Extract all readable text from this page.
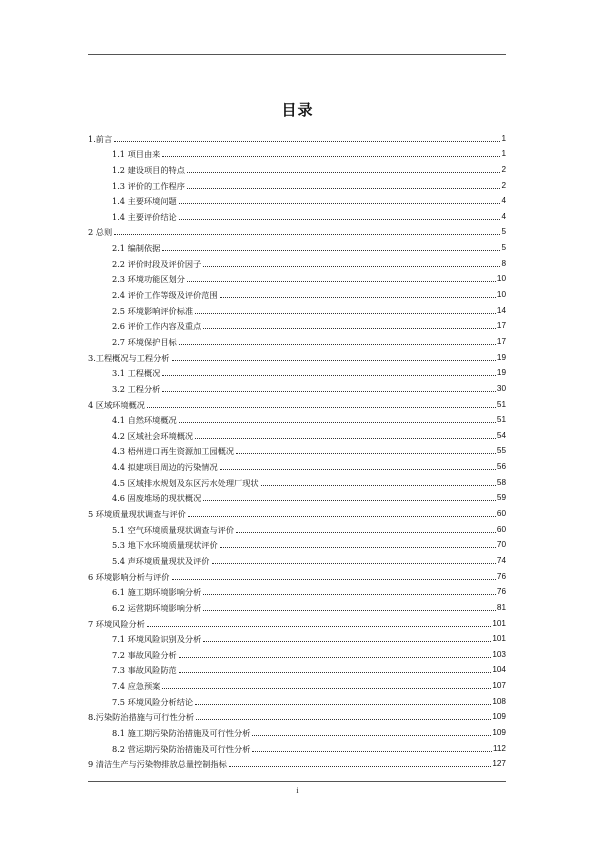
目录
1.前言	1
1.1 项目由来	1
1.2 建设项目的特点	2
1.3 评价的工作程序	2
1.4 主要环境问题	4
1.4 主要评价结论	4
2 总则	5
2.1 编制依据	5
2.2 评价时段及评价因子	8
2.3 环境功能区划分	10
2.4 评价工作等级及评价范围	10
2.5 环境影响评价标准	14
2.6 评价工作内容及重点	17
2.7 环境保护目标	17
3.工程概况与工程分析	19
3.1 工程概况	19
3.2 工程分析	30
4 区域环境概况	51
4.1 自然环境概况	51
4.2 区域社会环境概况	54
4.3 梧州进口再生资源加工园概况	55
4.4 拟建项目周边的污染情况	56
4.5 区域排水规划及东区污水处理厂现状	58
4.6 固废堆场的现状概况	59
5 环境质量现状调查与评价	60
5.1 空气环境质量现状调查与评价	60
5.3 地下水环境质量现状评价	70
5.4 声环境质量现状及评价	74
6 环境影响分析与评价	76
6.1 施工期环境影响分析	76
6.2 运营期环境影响分析	81
7 环境风险分析	101
7.1 环境风险识别及分析	101
7.2 事故风险分析	103
7.3 事故风险防范	104
7.4 应急预案	107
7.5 环境风险分析结论	108
8.污染防治措施与可行性分析	109
8.1 施工期污染防治措施及可行性分析	109
8.2 营运期污染防治措施及可行性分析	112
9 清洁生产与污染物排放总量控制指标	127
i
